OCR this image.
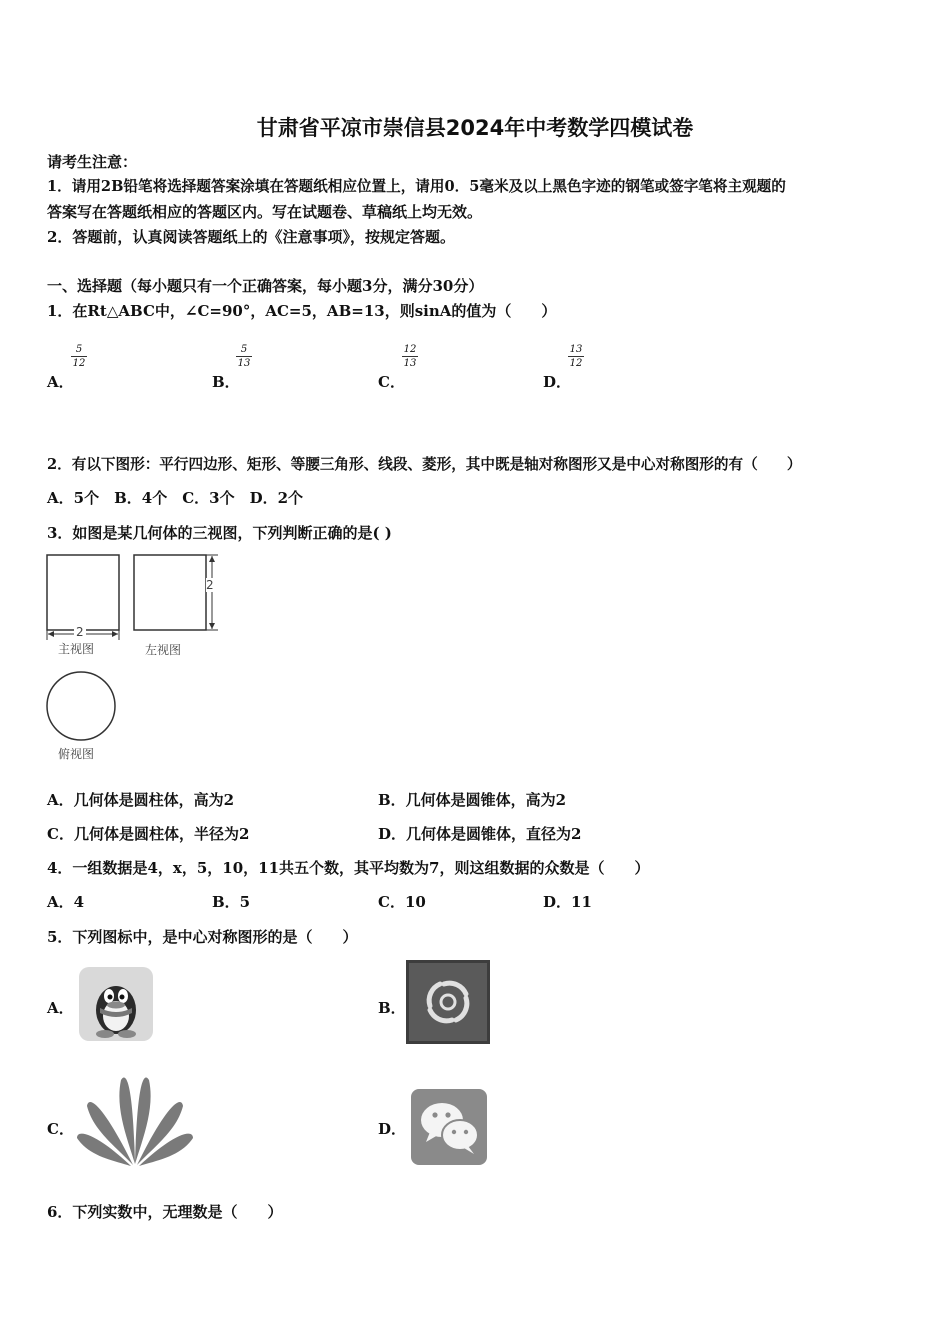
甘肃省平凉市崇信县2024年中考数学四模试卷
请考生注意：
1．请用2B铅笔将选择题答案涂填在答题纸相应位置上，请用0．5毫米及以上黑色字迹的钢笔或签字笔将主观题的
答案写在答题纸相应的答题区内。写在试题卷、草稿纸上均无效。
2．答题前，认真阅读答题纸上的《注意事项》，按规定答题。
一、选择题（每小题只有一个正确答案，每小题3分，满分30分）
1．在Rt△ABC中，∠C=90°，AC=5，AB=13，则sinA的值为（　　）
$\frac{5}{12}$	$\frac{5}{13}$	$\frac{12}{13}$	$\frac{13}{12}$
A．	B．	C．	D．
2．有以下图形：平行四边形、矩形、等腰三角形、线段、菱形，其中既是轴对称图形又是中心对称图形的有（　　）
A．5个　B．4个　C．3个　D．2个
3．如图是某几何体的三视图，下列判断正确的是( )
2
2
主视图	左视图
俯视图
A．几何体是圆柱体，高为2	B．几何体是圆锥体，高为2
C．几何体是圆柱体，半径为2	D．几何体是圆锥体，直径为2
4．一组数据是4，x，5，10，11共五个数，其平均数为7，则这组数据的众数是（　　）
A．4	B．5	C．10	D．11
5．下列图标中，是中心对称图形的是（　　）
A．	B．
C．	D．
6．下列实数中，无理数是（　　）
